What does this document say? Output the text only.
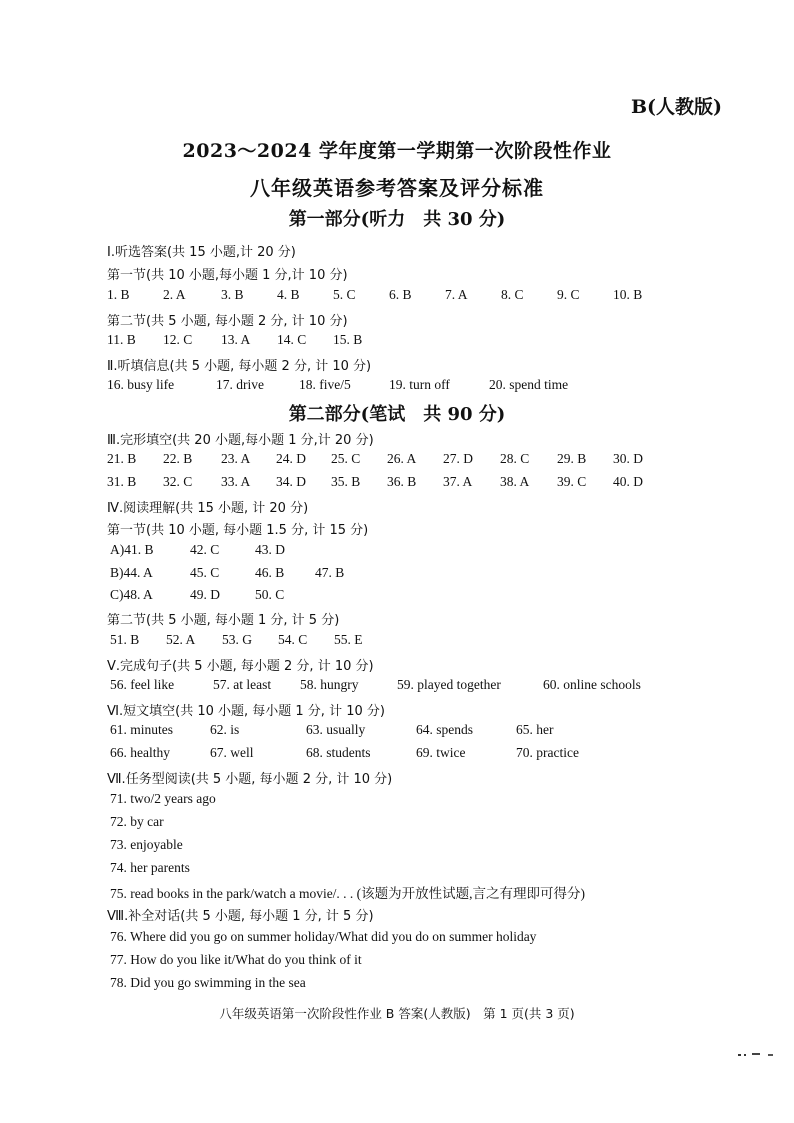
B(人教版)
2023～2024 学年度第一学期第一次阶段性作业
八年级英语参考答案及评分标准
第一部分(听力　共 30 分)
Ⅰ.听选答案(共 15 小题,计 20 分)
第一节(共 10 小题,每小题 1 分,计 10 分)
1. B	2. A	3. B	4. B	5. C	6. B	7. A	8. C	9. C	10. B
第二节(共 5 小题, 每小题 2 分, 计 10 分)
11. B	12. C	13. A	14. C	15. B
Ⅱ.听填信息(共 5 小题, 每小题 2 分, 计 10 分)
16. busy life	17. drive	18. five/5	19. turn off	20. spend time
第二部分(笔试　共 90 分)
Ⅲ.完形填空(共 20 小题,每小题 1 分,计 20 分)
21. B	22. B	23. A	24. D	25. C	26. A	27. D	28. C	29. B	30. D
31. B	32. C	33. A	34. D	35. B	36. B	37. A	38. A	39. C	40. D
Ⅳ.阅读理解(共 15 小题, 计 20 分)
第一节(共 10 小题, 每小题 1.5 分, 计 15 分)
A)41. B	42. C	43. D
B)44. A	45. C	46. B	47. B
C)48. A	49. D	50. C
第二节(共 5 小题, 每小题 1 分, 计 5 分)
51. B	52. A	53. G	54. C	55. E
Ⅴ.完成句子(共 5 小题, 每小题 2 分, 计 10 分)
56. feel like	57. at least	58. hungry	59. played together	60. online schools
Ⅵ.短文填空(共 10 小题, 每小题 1 分, 计 10 分)
61. minutes	62. is	63. usually	64. spends	65. her
66. healthy	67. well	68. students	69. twice	70. practice
Ⅶ.任务型阅读(共 5 小题, 每小题 2 分, 计 10 分)
71. two/2 years ago
72. by car
73. enjoyable
74. her parents
75. read books in the park/watch a movie/. . . (该题为开放性试题,言之有理即可得分)
Ⅷ.补全对话(共 5 小题, 每小题 1 分, 计 5 分)
76. Where did you go on summer holiday/What did you do on summer holiday
77. How do you like it/What do you think of it
78. Did you go swimming in the sea
八年级英语第一次阶段性作业 B 答案(人教版)　第 1 页(共 3 页)
